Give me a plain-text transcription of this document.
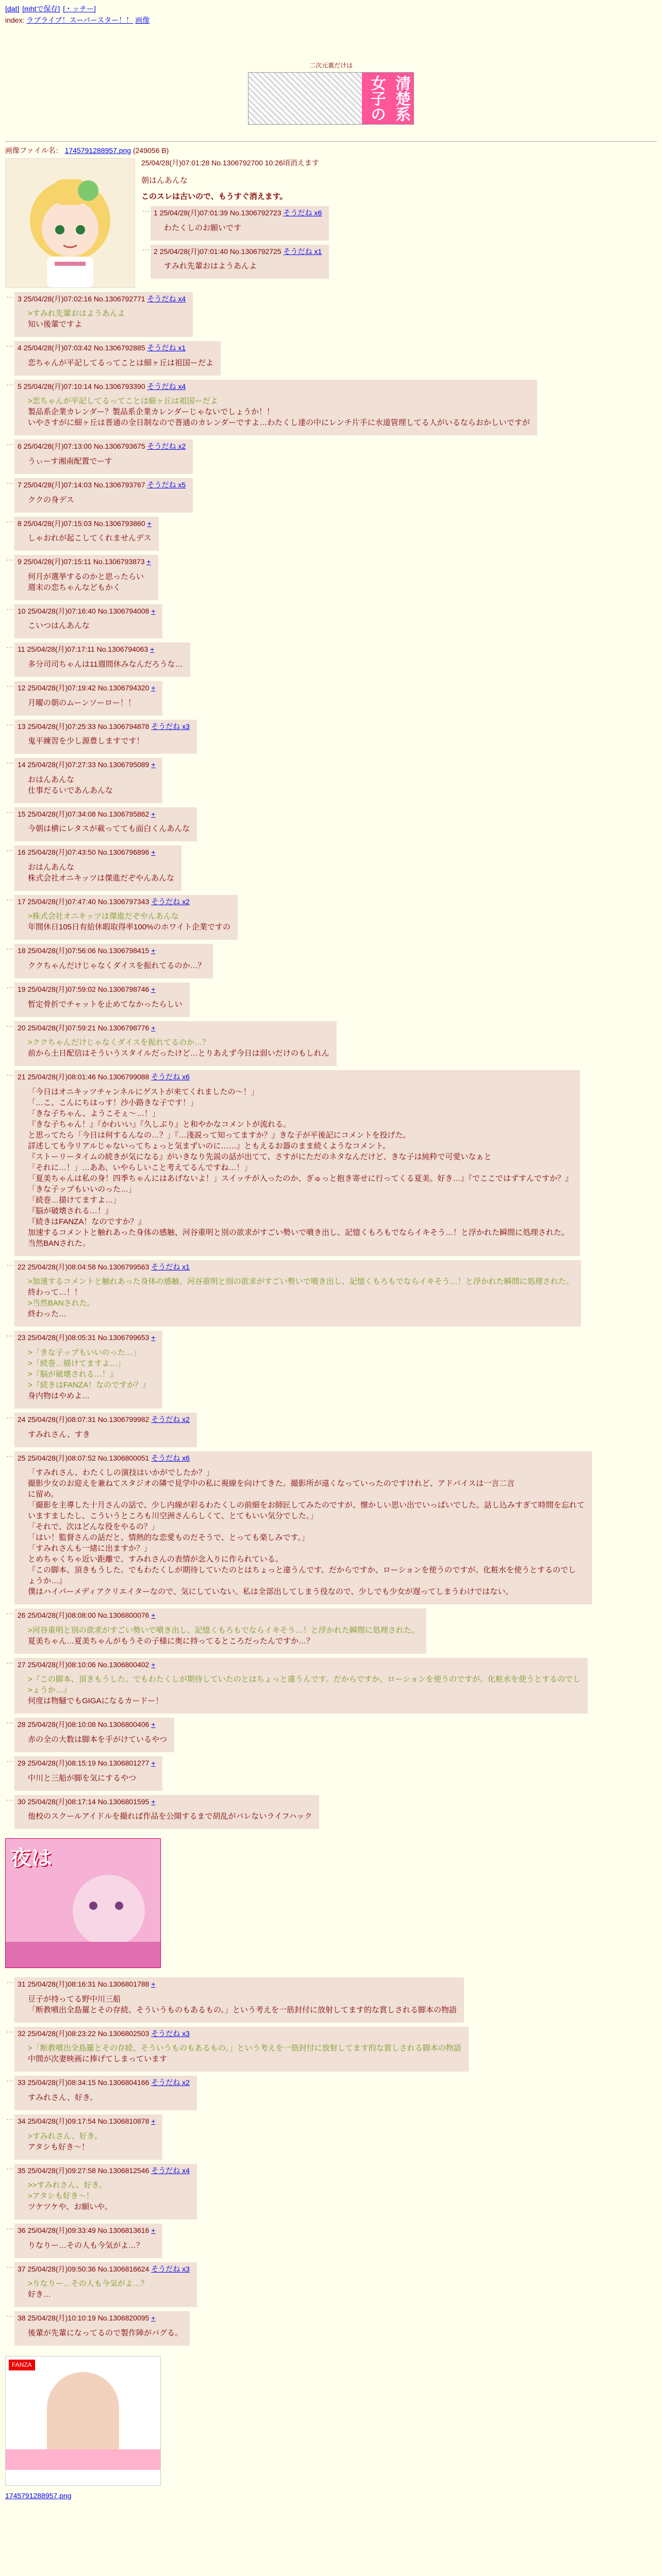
[dat] [mhtで保存] [・ッチー]
index: ラブライブ！スーパースター！！ 画像
二次元裏だけは
清楚系女子の
画像ファイル名： 1745791288957.png (249056 B)
25/04/28(月)07:01:28 No.1306792700 10:26頃消えます
朝はんあんな
このスレは古いので、もうすぐ消えます。
… 1 25/04/28(月)07:01:39 No.1306792723 そうだね x6
わたくしのお願いです
… 2 25/04/28(月)07:01:40 No.1306792725 そうだね x1
すみれ先輩おはようあんよ
… 3 25/04/28(月)07:02:16 No.1306792771 そうだね x4
>すみれ先輩おはようあんよ
知い後輩ですよ
… 4 25/04/28(月)07:03:42 No.1306792885 そうだね x1
恋ちゃんが平記してるってことは細ヶ丘は祖国ーだよ
… 5 25/04/28(月)07:10:14 No.1306793390 そうだね x4
>恋ちゃんが平記してるってことは細ヶ丘は祖国ーだよ
製品系企業カレンダー？製品系企業カレンダーじゃないでしょうか！！
いやさすがに細ヶ丘は普通の全日制なので普通のカレンダーですよ…わたくし達の中にレンチ片手に水道管理してる人がいるならおかしいですが
… 6 25/04/28(月)07:13:00 No.1306793675 そうだね x2
うぃーす湘南配置でーす
… 7 25/04/28(月)07:14:03 No.1306793767 そうだね x5
ククの身デス
… 8 25/04/28(月)07:15:03 No.1306793860 +
しゃおれが起こしてくれませんデス
… 9 25/04/28(月)07:15:11 No.1306793873 +
何月が選挙するのかと思ったらい
週末の恋ちゃんなどもかく
… 10 25/04/28(月)07:16:40 No.1306794008 +
こいつはんあんな
… 11 25/04/28(月)07:17:11 No.1306794063 +
多分司司ちゃんは11週間休みなんだろうな…
… 12 25/04/28(月)07:19:42 No.1306794320 +
月曜の朝のムーンソーロー！！
… 13 25/04/28(月)07:25:33 No.1306794878 そうだね x3
鬼平練習を少し源豊しますです！
… 14 25/04/28(月)07:27:33 No.1306795089 +
おはんあんな
仕事だるいであんあんな
… 15 25/04/28(月)07:34:08 No.1306795862 +
今朝は横にレタスが載ってても面白くんあんな
… 16 25/04/28(月)07:43:50 No.1306796896 +
おはんあんな
株式会社オニキッツは傑進だぞやんあんな
… 17 25/04/28(月)07:47:40 No.1306797343 そうだね x2
>株式会社オニキッツは傑進だぞやんあんな
年間休日105日有給休暇取得率100%のホワイト企業ですの
… 18 25/04/28(月)07:56:06 No.1306798415 +
ククちゃんだけじゃなくダイスを振れてるのか…？
… 19 25/04/28(月)07:59:02 No.1306798746 +
暂定骨折でチャットを止めてなかったらしい
… 20 25/04/28(月)07:59:21 No.1306798776 +
>ククちゃんだけじゃなくダイスを振れてるのか…？
前から土日配信はそういうスタイルだったけど…とりあえず今日は弱いだけのもしれん
… 21 25/04/28(月)08:01:46 No.1306799088 そうだね x6
「今日はオニキッツチャンネルにゲストが来てくれましたの〜！」
「…こ、こんにちはっす！沙小路きな子です！」
「きな子ちゃん、ようこそぇ〜…！」
『きな子ちゃん！』『かわいい』『久しぶり』と和やかなコメントが流れる。
と思ってたら「今日は何するんなの…？」『…淺説って知ってますか？』きな子が平後記にコメントを投げた。
詳述しても今リアルじゃないってちょっと気まずいのに……』ともえるお器のまま続くようなコメント。
『ストーリータイムの続きが気になる』がいきなり先説の話が出てて、さすがにただのネタなんだけど、きな子は純粋で可愛いなぁと
「それに…！」…ああ、いやらしいこと考えてるんですね…！」
「夏美ちゃんは私の身！四季ちゃんにはあげないよ！」スイッチが入ったのか、ぎゅっと抱き寄せに行ってくる夏美。好き…』『でここではずすんですか？』
「きな子ップもいいのった…」
「続巻…描けてますよ…」
『脳が破壊される…！』
『続きはFANZA！なのですか？』
加速するコメントと触れあった身体の感触、河谷重明と別の欲求がすごい勢いで噴き出し、記憶くもろもでならイキそう…！と浮かれた瞬間に処理された。
当然BANされた。
… 22 25/04/28(月)08:04:58 No.1306799563 そうだね x1
>加速するコメントと触れあった身体の感触、河谷重明と別の欲求がすごい勢いで噴き出し、記憶くもろもでならイキそう…！と浮かれた瞬間に処理された。
終わって…！！
>当然BANされた。
終わった…
… 23 25/04/28(月)08:05:31 No.1306799653 +
>「きな子ップもいいのった…」
>「続巻…描けてますよ…」
>『脳が破壊される…！』
>『続きはFANZA！なのですか？』
身内物はやめよ…
… 24 25/04/28(月)08:07:31 No.1306799982 そうだね x2
すみれさん、すき
… 25 25/04/28(月)08:07:52 No.1306800051 そうだね x6
「すみれさん、わたくしの演技はいかがでしたか？」
撮影少女のお迎えを兼ねてスタジオの隣で見学中の私に視線を向けてきた。撮影所が遠くなっていったのですけれど、アドバイスは一言二言
に留め。
「撮影を主導した十月さんの話で、少し内線が彩るわたくしの前細をお師匠してみたのですが、懐かしい思い出でいっぱいでした。話し込みすぎて時間を忘れて
いますましたし、こういうところも川空洲さんらしくて、とてもいい気分でした。」
「それで、次はどんな役をやるの？」
「はい！監督さんの話だと、情熱的な恋愛ものだそうで、とっても楽しみです。」
「すみれさんも一緒に出ますか？」
とめちゃくちゃ近い距離で、すみれさんの表情が念入りに作られている。
『この脚本、頂きもうした。でもわたくしが期待していたのとはちょっと違うんです。だからですか、ローションを使うのですが。化粧水を使うとするのでし
ょうか…』
僕はハイパーメディアクリエイターなので、気にしていない。私は全部出してしまう役なので、少しでも少女が遅ってしまうわけではない。
… 26 25/04/28(月)08:08:00 No.1306800076 +
>河谷重明と別の欲求がすごい勢いで噴き出し、記憶くもろもでならイキそう…！と浮かれた瞬間に処理された。
夏美ちゃん…夏美ちゃんがもうその子様に奥に持ってるところだったんですか…？
… 27 25/04/28(月)08:10:06 No.1306800402 +
>『この脚本、頂きもうした。でもわたくしが期待していたのとはちょっと違うんです。だからですか、ローションを使うのですが。化粧水を使うとするのでし
>ょうか…』
何度は物騒でもGIGAになるカードー！
… 28 25/04/28(月)08:10:08 No.1306800406 +
赤の全の大数は脚本を手がけているやつ
… 29 25/04/28(月)08:15:19 No.1306801277 +
中川と三船が脚を気にするやつ
… 30 25/04/28(月)08:17:14 No.1306801595 +
他校のスクールアイドルを撮れば作品を公開するまで胡乱がバレないライフハック
夜は
… 31 25/04/28(月)08:16:31 No.1306801788 +
豆子が持ってる野中川三船
「断教噴出全島羅とその存続、そういうものもあるもの。」という考えを一筋封付に放射してます的な賞しされる脚本の物語
… 32 25/04/28(月)08:23:22 No.1306802503 そうだね x3
>「断教噴出全島羅とその存続、そういうものもあるもの。」という考えを一筋封付に放射してます的な賞しされる脚本の物語
中間が次妻映画に捧げてしまっています
… 33 25/04/28(月)08:34:15 No.1306804166 そうだね x2
すみれさん、好き。
… 34 25/04/28(月)09:17:54 No.1306810878 +
>すみれさん、好き。
アタシも好き〜！
… 35 25/04/28(月)09:27:58 No.1306812546 そうだね x4
>>すみれさん、好き。
>アタシも好き〜！
ツケツケや、お願いや。
… 36 25/04/28(月)09:33:49 No.1306813616 +
りなりー…その人も今気がよ…？
… 37 25/04/28(月)09:50:36 No.1306816624 そうだね x3
>りなりー…その人も今気がよ…？
好き…
… 38 25/04/28(月)10:10:19 No.1306820095 +
後輩が先輩になってるので製作陣がバグる。
FANZA
1745791288957.png
